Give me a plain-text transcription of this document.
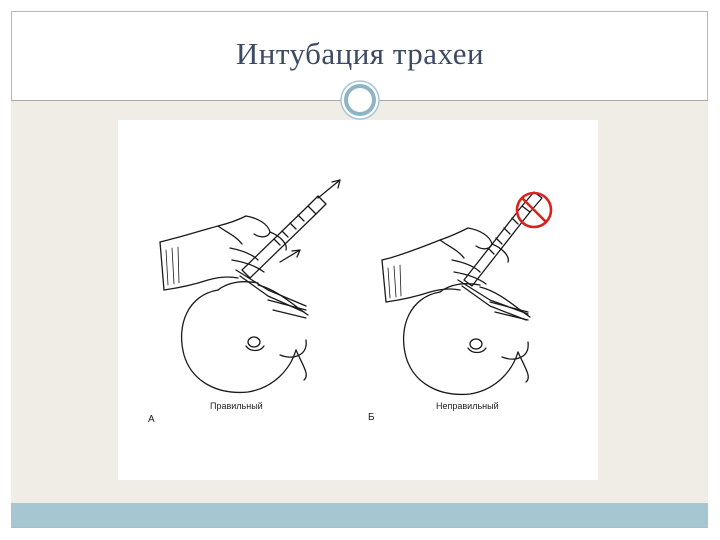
Интубация трахеи
Правильный
А
Неправильный
Б
